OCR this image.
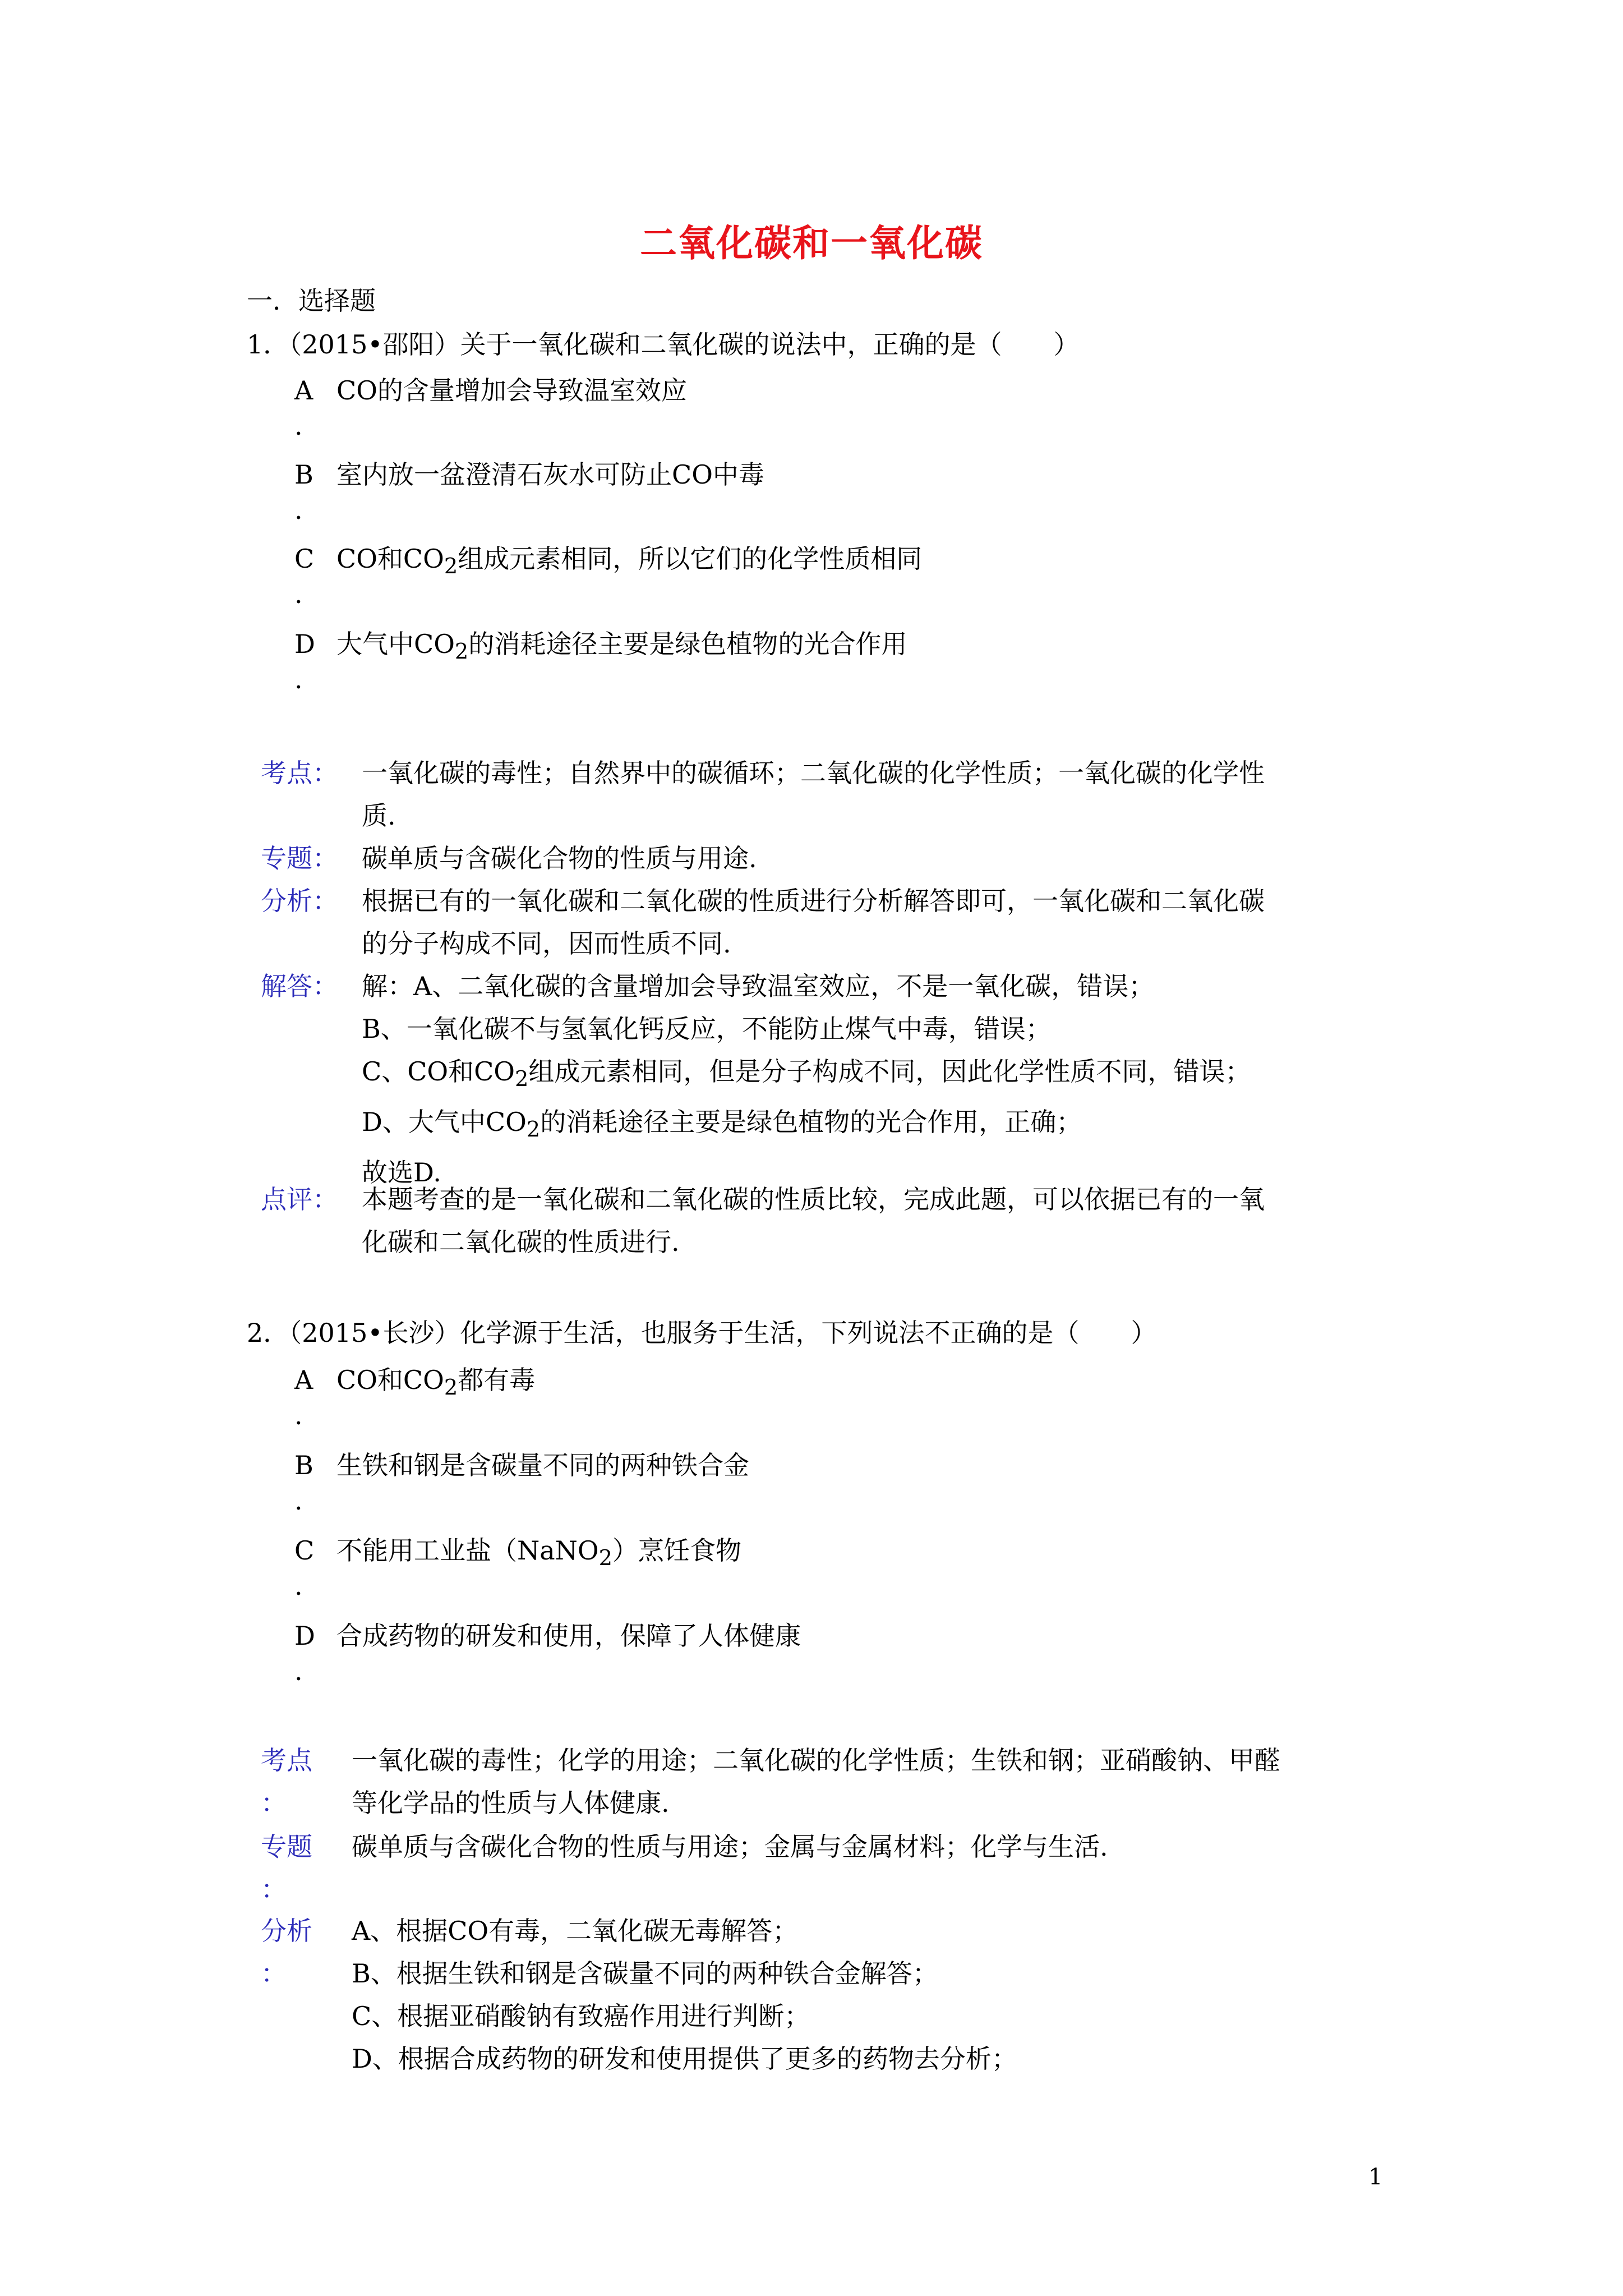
二氧化碳和一氧化碳
一．选择题
1．（2015•邵阳）关于一氧化碳和二氧化碳的说法中，正确的是（　　）
A CO的含量增加会导致温室效应
.
B 室内放一盆澄清石灰水可防止CO中毒
.
C CO和$CO_2$组成元素相同，所以它们的化学性质相同
.
D 大气中$CO_2$的消耗途径主要是绿色植物的光合作用
.
考点： 一氧化碳的毒性；自然界中的碳循环；二氧化碳的化学性质；一氧化碳的化学性
质.
专题： 碳单质与含碳化合物的性质与用途.
分析： 根据已有的一氧化碳和二氧化碳的性质进行分析解答即可，一氧化碳和二氧化碳
的分子构成不同，因而性质不同.
解答： 解：A、二氧化碳的含量增加会导致温室效应，不是一氧化碳，错误；
B、一氧化碳不与氢氧化钙反应，不能防止煤气中毒，错误；
C、CO和$CO_2$组成元素相同，但是分子构成不同，因此化学性质不同，错误；
D、大气中$CO_2$的消耗途径主要是绿色植物的光合作用，正确；
故选D.
点评： 本题考查的是一氧化碳和二氧化碳的性质比较，完成此题，可以依据已有的一氧
化碳和二氧化碳的性质进行.
2．（2015•长沙）化学源于生活，也服务于生活，下列说法不正确的是（　　）
A CO和$CO_2$都有毒
.
B 生铁和钢是含碳量不同的两种铁合金
.
C 不能用工业盐（NaNO$_2$）烹饪食物
.
D 合成药物的研发和使用，保障了人体健康
.
考点
：
一氧化碳的毒性；化学的用途；二氧化碳的化学性质；生铁和钢；亚硝酸钠、甲醛
等化学品的性质与人体健康.
专题
：
碳单质与含碳化合物的性质与用途；金属与金属材料；化学与生活.
分析
：
A、根据CO有毒，二氧化碳无毒解答；
B、根据生铁和钢是含碳量不同的两种铁合金解答；
C、根据亚硝酸钠有致癌作用进行判断；
D、根据合成药物的研发和使用提供了更多的药物去分析；
1
